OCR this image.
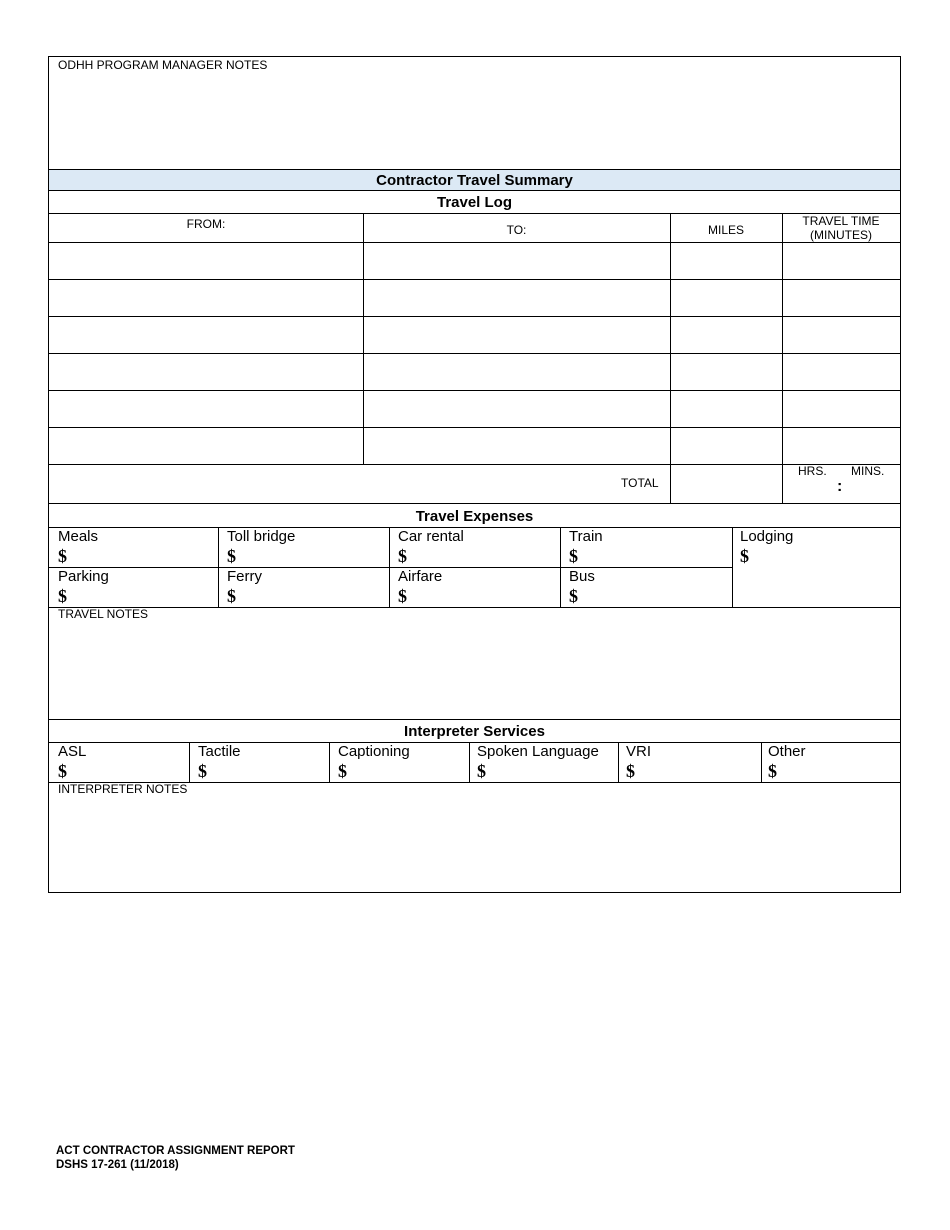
ODHH PROGRAM MANAGER NOTES
Contractor Travel Summary
Travel Log
FROM:	TO:	MILES
TRAVEL TIME
(MINUTES)
TOTAL
HRS. MINS.
:
Travel Expenses
Meals
$
Toll bridge
$
Car rental
$
Train
$
Parking
$
Ferry
$
Airfare
$
Bus
$
Lodging
$
TRAVEL NOTES
Interpreter Services
ASL
$
Tactile
$
Captioning
$
Spoken Language
$
VRI
$
Other
$
INTERPRETER NOTES
ACT CONTRACTOR ASSIGNMENT REPORT
DSHS 17-261 (11/2018)
